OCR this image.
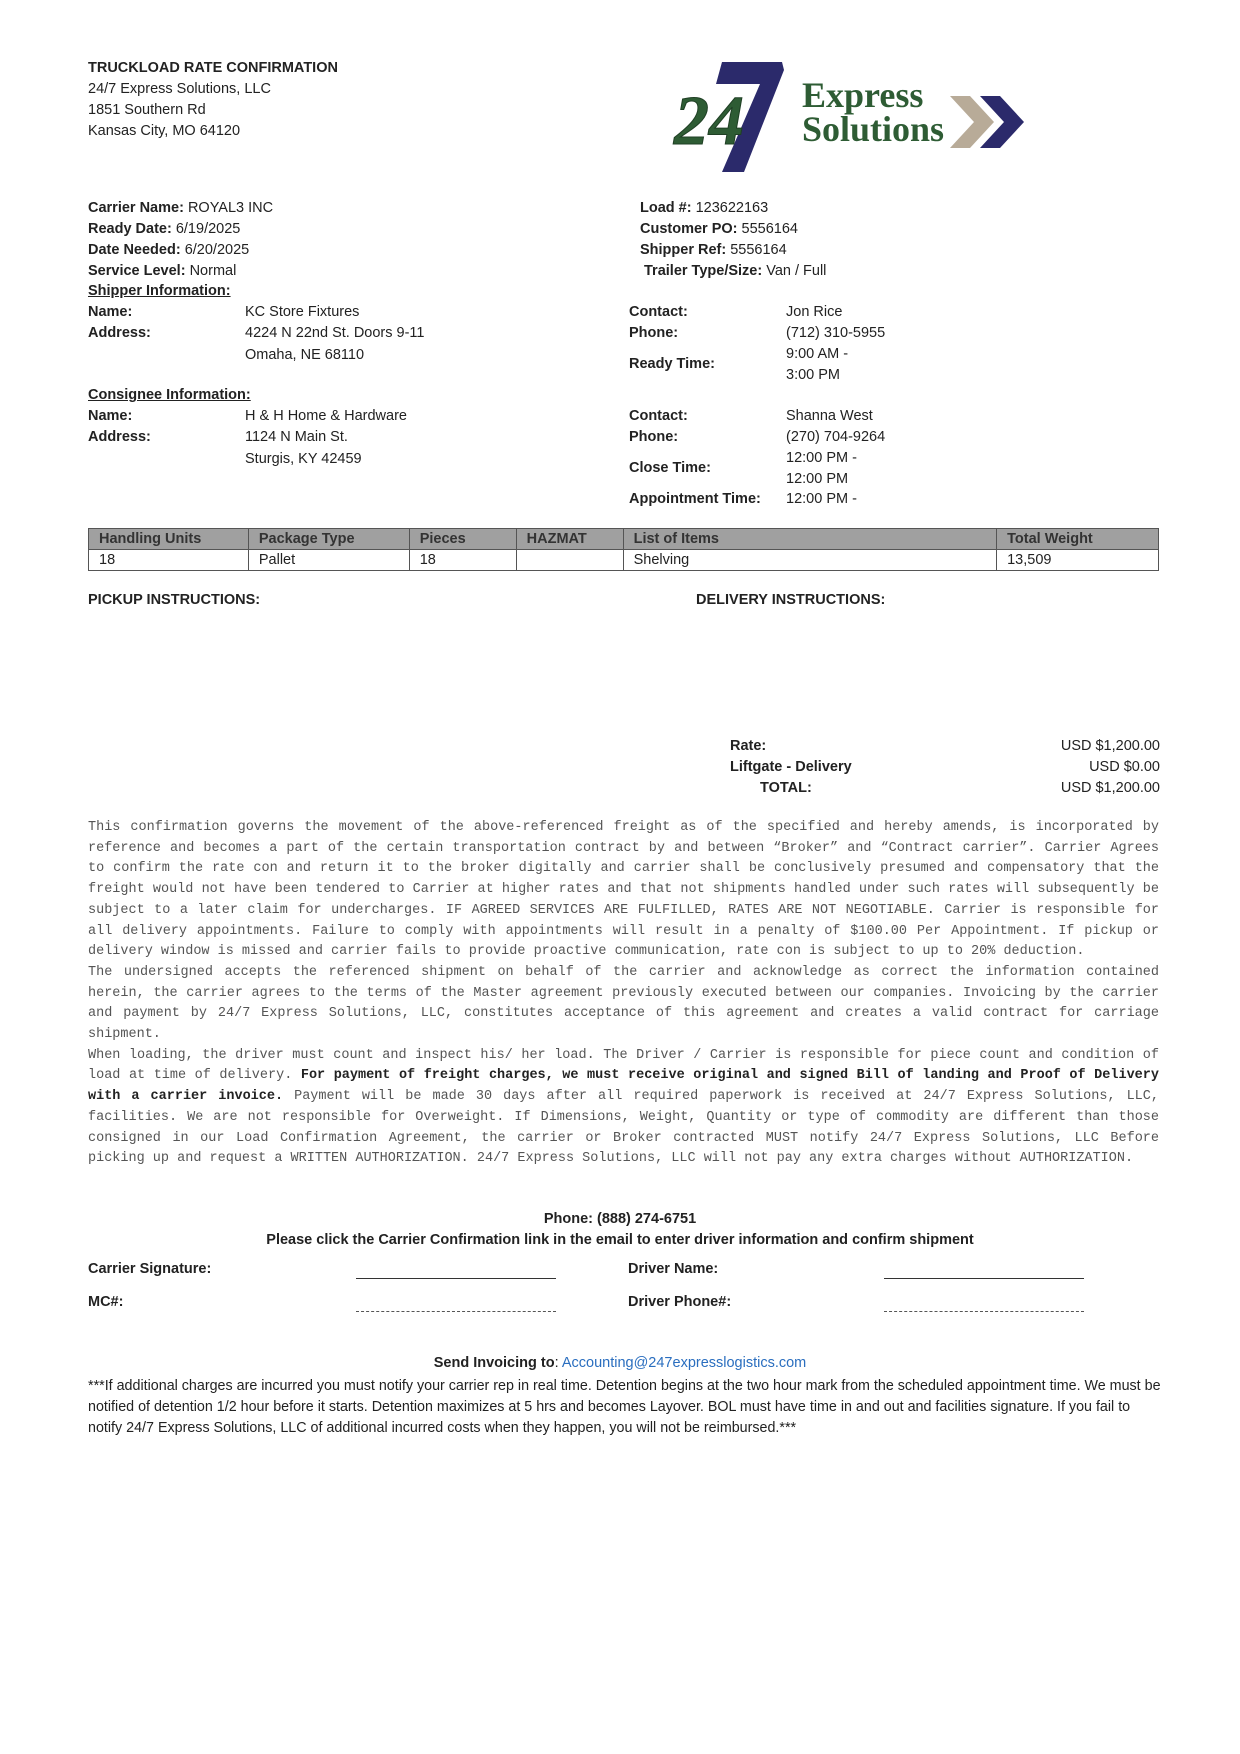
TRUCKLOAD RATE CONFIRMATION
24/7 Express Solutions, LLC
1851 Southern Rd
Kansas City, MO 64120	24 Express
Solutions
Carrier Name: ROYAL3 INC
Ready Date: 6/19/2025
Date Needed: 6/20/2025
Service Level: Normal
Load #: 123622163
Customer PO: 5556164
Shipper Ref: 5556164
Trailer Type/Size: Van / Full
Shipper Information:
Name:	KC Store Fixtures
Address:	4224 N 22nd St. Doors 9-11
Omaha, NE 68110
Contact:	Jon Rice
Phone:	(712) 310-5955
Ready Time:
9:00 AM -
3:00 PM
Consignee Information:
Name:	H & H Home & Hardware
Address:	1124 N Main St.
Sturgis, KY 42459
Contact:	Shanna West
Phone:	(270) 704-9264
Close Time:
12:00 PM -
12:00 PM
Appointment Time: 12:00 PM -
Handling Units	Package Type	Pieces	HAZMAT	List of Items	Total Weight
18	Pallet	18		Shelving	13,509
PICKUP INSTRUCTIONS:	DELIVERY INSTRUCTIONS:
Rate:	USD $1,200.00
Liftgate - Delivery	USD $0.00
TOTAL:	USD $1,200.00

This confirmation governs the movement of the above-referenced freight as of the specified and hereby amends, is incorporated by reference and becomes a part of the certain transportation contract by and between “Broker” and “Contract carrier”. Carrier Agrees to confirm the rate con and return it to the broker digitally and carrier shall be conclusively presumed and compensatory that the freight would not have been tendered to Carrier at higher rates and that not shipments handled under such rates will subsequently be subject to a later claim for undercharges. IF AGREED SERVICES ARE FULFILLED, RATES ARE NOT NEGOTIABLE. Carrier is responsible for all delivery appointments. Failure to comply with appointments will result in a penalty of $100.00 Per Appointment. If pickup or delivery window is missed and carrier fails to provide proactive communication, rate con is subject to up to 20% deduction.

The undersigned accepts the referenced shipment on behalf of the carrier and acknowledge as correct the information contained herein, the carrier agrees to the terms of the Master agreement previously executed between our companies. Invoicing by the carrier and payment by 24/7 Express Solutions, LLC, constitutes acceptance of this agreement and creates a valid contract for carriage shipment.

When loading, the driver must count and inspect his/ her load. The Driver / Carrier is responsible for piece count and condition of load at time of delivery. For payment of freight charges, we must receive original and signed Bill of landing and Proof of Delivery with a carrier invoice. Payment will be made 30 days after all required paperwork is received at 24/7 Express Solutions, LLC, facilities. We are not responsible for Overweight. If Dimensions, Weight, Quantity or type of commodity are different than those consigned in our Load Confirmation Agreement, the carrier or Broker contracted MUST notify 24/7 Express Solutions, LLC Before picking up and request a WRITTEN AUTHORIZATION. 24/7 Express Solutions, LLC will not pay any extra charges without AUTHORIZATION.

Phone: (888) 274-6751
Please click the Carrier Confirmation link in the email to enter driver information and confirm shipment
Carrier Signature:	Driver Name:
MC#:	Driver Phone#:
Send Invoicing to: Accounting@247expresslogistics.com
***If additional charges are incurred you must notify your carrier rep in real time. Detention begins at the two hour mark from the scheduled appointment time. We must be notified of detention 1/2 hour before it starts. Detention maximizes at 5 hrs and becomes Layover. BOL must have time in and out and facilities signature. If you fail to notify 24/7 Express Solutions, LLC of additional incurred costs when they happen, you will not be reimbursed.***
